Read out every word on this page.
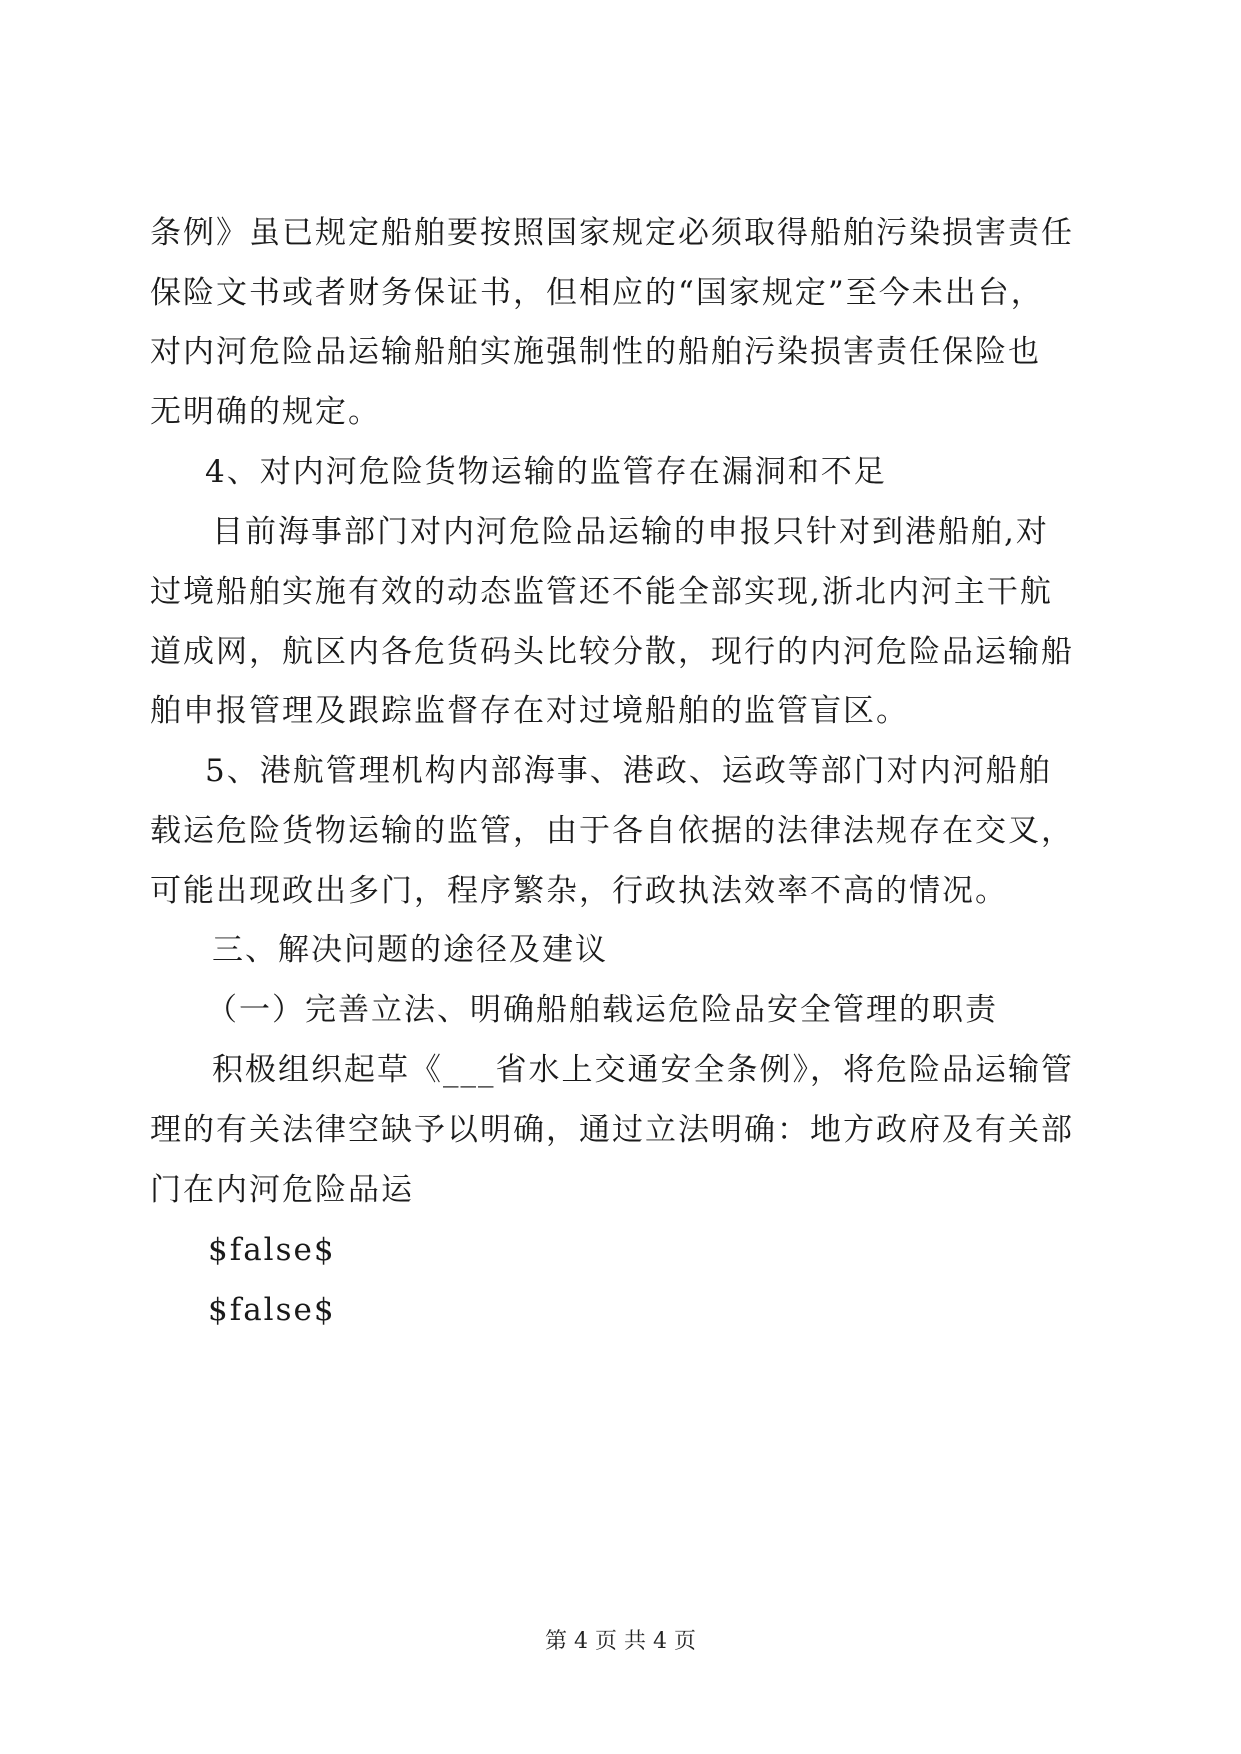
条例》虽已规定船舶要按照国家规定必须取得船舶污染损害责任
保险文书或者财务保证书，但相应的“国家规定”至今未出台，
对内河危险品运输船舶实施强制性的船舶污染损害责任保险也
无明确的规定。
4、对内河危险货物运输的监管存在漏洞和不足
目前海事部门对内河危险品运输的申报只针对到港船舶,对
过境船舶实施有效的动态监管还不能全部实现,浙北内河主干航
道成网，航区内各危货码头比较分散，现行的内河危险品运输船
舶申报管理及跟踪监督存在对过境船舶的监管盲区。
5、港航管理机构内部海事、港政、运政等部门对内河船舶
载运危险货物运输的监管，由于各自依据的法律法规存在交叉，
可能出现政出多门，程序繁杂，行政执法效率不高的情况。
三、解决问题的途径及建议
（一）完善立法、明确船舶载运危险品安全管理的职责
积极组织起草《___省水上交通安全条例》，将危险品运输管
理的有关法律空缺予以明确，通过立法明确：地方政府及有关部
门在内河危险品运
$false$
$false$
第 4 页 共 4 页
